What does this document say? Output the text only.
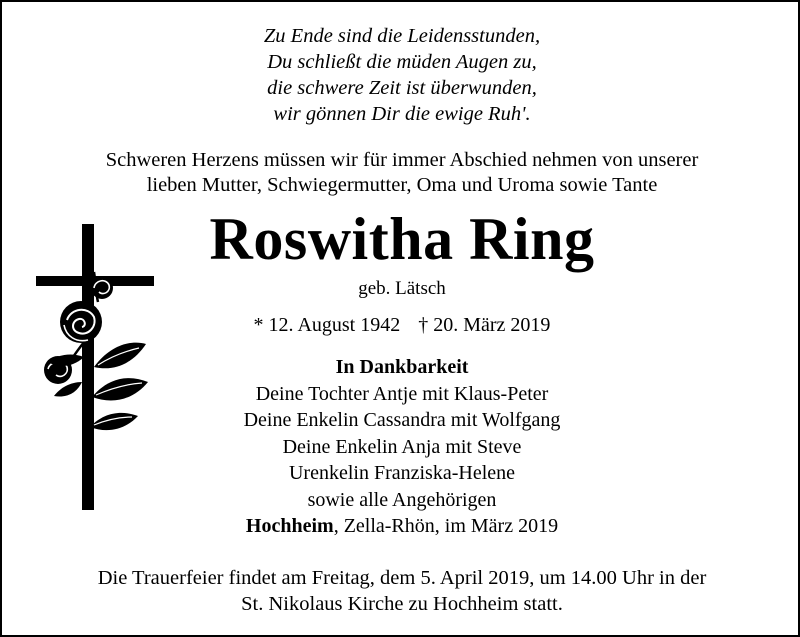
Zu Ende sind die Leidensstunden,
Du schließt die müden Augen zu,
die schwere Zeit ist überwunden,
wir gönnen Dir die ewige Ruh'.
Schweren Herzens müssen wir für immer Abschied nehmen von unserer
lieben Mutter, Schwiegermutter, Oma und Uroma sowie Tante
Roswitha Ring
geb. Lätsch
* 12. August 1942 † 20. März 2019
In Dankbarkeit
Deine Tochter Antje mit Klaus-Peter
Deine Enkelin Cassandra mit Wolfgang
Deine Enkelin Anja mit Steve
Urenkelin Franziska-Helene
sowie alle Angehörigen
Hochheim, Zella-Rhön, im März 2019
Die Trauerfeier findet am Freitag, dem 5. April 2019, um 14.00 Uhr in der
St. Nikolaus Kirche zu Hochheim statt.
